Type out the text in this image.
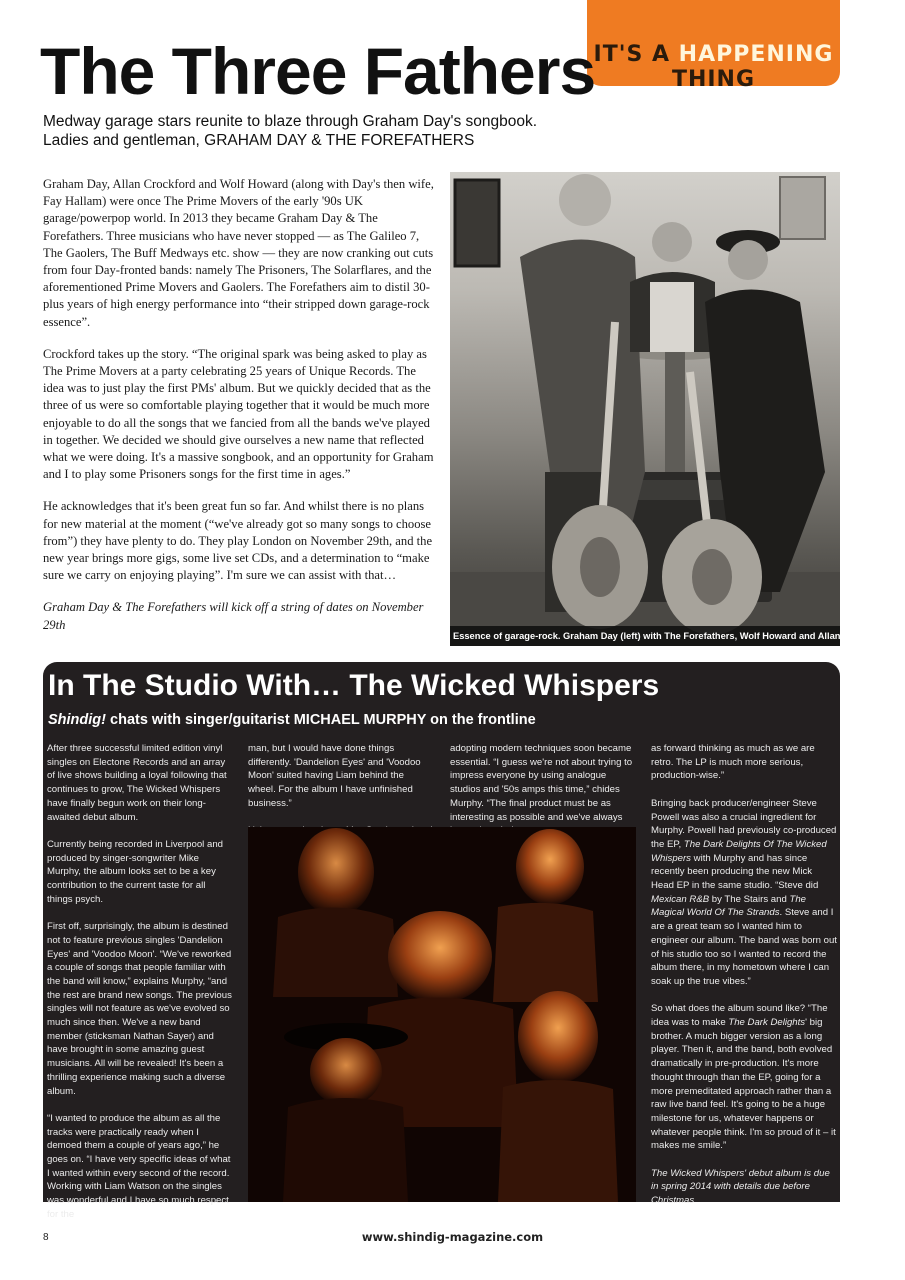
IT'S A HAPPENING THING
The Three Fathers
Medway garage stars reunite to blaze through Graham Day's songbook.
Ladies and gentleman, GRAHAM DAY & THE FOREFATHERS

Graham Day, Allan Crockford and Wolf Howard (along with Day's then wife, Fay Hallam) were once The Prime Movers of the early '90s UK garage/powerpop world. In 2013 they became Graham Day & The Forefathers. Three musicians who have never stopped — as The Galileo 7, The Gaolers, The Buff Medways etc. show — they are now cranking out cuts from four Day-fronted bands: namely The Prisoners, The Solarflares, and the aforementioned Prime Movers and Gaolers. The Forefathers aim to distil 30-plus years of high energy performance into “their stripped down garage-rock essence”.

Crockford takes up the story. “The original spark was being asked to play as The Prime Movers at a party celebrating 25 years of Unique Records. The idea was to just play the first PMs' album. But we quickly decided that as the three of us were so comfortable playing together that it would be much more enjoyable to do all the songs that we fancied from all the bands we've played in together. We decided we should give ourselves a new name that reflected what we were doing. It's a massive songbook, and an opportunity for Graham and I to play some Prisoners songs for the first time in ages.”

He acknowledges that it's been great fun so far. And whilst there is no plans for new material at the moment (“we've already got so many songs to choose from”) they have plenty to do. They play London on November 29th, and the new year brings more gigs, some live set CDs, and a determination to “make sure we carry on enjoying playing”. I'm sure we can assist with that…

Graham Day & The Forefathers will kick off a string of dates on November 29th

Essence of garage-rock. Graham Day (left) with The Forefathers, Wolf Howard and Allan Crockford
In The Studio With… The Wicked Whispers
Shindig! chats with singer/guitarist MICHAEL MURPHY on the frontline

After three successful limited edition vinyl singles on Electone Records and an array of live shows building a loyal following that continues to grow, The Wicked Whispers have finally begun work on their long-awaited debut album.

Currently being recorded in Liverpool and produced by singer-songwriter Mike Murphy, the album looks set to be a key contribution to the current taste for all things psych.

First off, surprisingly, the album is destined not to feature previous singles 'Dandelion Eyes' and 'Voodoo Moon'. “We've reworked a couple of songs that people familiar with the band will know,” explains Murphy, “and the rest are brand new songs. The previous singles will not feature as we've evolved so much since then. We've a new band member (sticksman Nathan Sayer) and have brought in some amazing guest musicians. All will be revealed! It's been a thrilling experience making such a diverse album.

“I wanted to produce the album as all the tracks were practically ready when I demoed them a couple of years ago,” he goes on. “I have very specific ideas of what I wanted within every second of the record. Working with Liam Watson on the singles was wonderful and I have so much respect for the

man, but I would have done things differently. 'Dandelion Eyes' and 'Voodoo Moon' suited having Liam behind the wheel. For the album I have unfinished business.”

adopting modern techniques soon became essential. “I guess we're not about trying to impress everyone by using analogue studios and '50s amps this time,” chides Murphy. “The final product must be as interesting as possible and we've always

as forward thinking as much as we are retro. The LP is much more serious, production-wise.”

Bringing back producer/engineer Steve Powell was also a crucial ingredient for Murphy. Powell had previously co-produced the EP, The Dark Delights Of The Wicked Whispers with Murphy and has since recently been producing the new Mick Head EP in the same studio. “Steve did Mexican R&B by The Stairs and The Magical World Of The Strands. Steve and I are a great team so I wanted him to engineer our album. The band was born out of his studio too so I wanted to record the album there, in my hometown where I can soak up the true vibes.”

So what does the album sound like? “The idea was to make The Dark Delights' big brother. A much bigger version as a long player. Then it, and the band, both evolved dramatically in pre-production. It's more thought through than the EP, going for a more premeditated approach rather than a raw live band feel. It's going to be a huge milestone for us, whatever happens or whatever people think. I'm so proud of it – it makes me smile.”

The Wicked Whispers' debut album is due in spring 2014 with details due before Christmas

8	www.shindig-magazine.com
